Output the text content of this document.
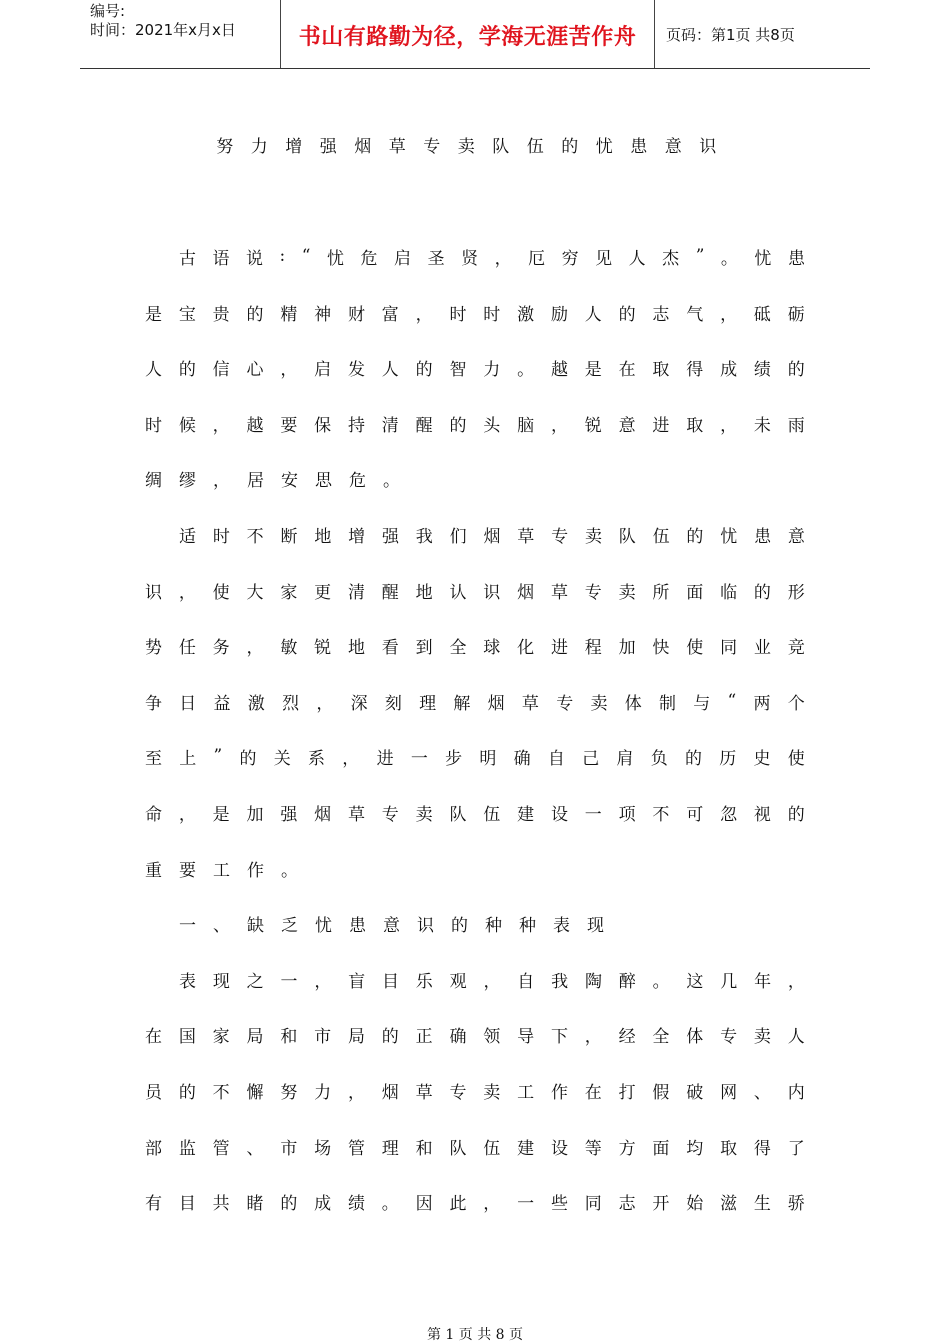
编号:
时间：2021年x月x日	书山有路勤为径，学海无涯苦作舟	页码：第1页 共8页
努力增强烟草专卖队伍的忧患意识
古 语 说 : “ 忧 危 启 圣 贤 ， 厄 穷 见 人 杰 ” 。 忧 患
是 宝 贵 的 精 神 财 富 ， 时 时 激 励 人 的 志 气 ， 砥 砺
人 的 信 心 ， 启 发 人 的 智 力 。 越 是 在 取 得 成 绩 的
时 候 ， 越 要 保 持 清 醒 的 头 脑 ， 锐 意 进 取 ， 未 雨
绸	缪	，	居	安	思	危	。
适 时 不 断 地 增 强 我 们 烟 草 专 卖 队 伍 的 忧 患 意
识 ， 使 大 家 更 清 醒 地 认 识 烟 草 专 卖 所 面 临 的 形
势 任 务 ， 敏 锐 地 看 到 全 球 化 进 程 加 快 使 同 业 竞
争 日 益 激 烈 ， 深 刻 理 解 烟 草 专 卖 体 制 与 “ 两 个
至 上 ” 的 关 系 ， 进 一 步 明 确 自 己 肩 负 的 历 史 使
命 ， 是 加 强 烟 草 专 卖 队 伍 建 设 一 项 不 可 忽 视 的
重	要	工	作	。
一	、	缺	乏	忧	患	意	识	的	种	种	表	现
表 现 之 一 ， 盲 目 乐 观 ， 自 我 陶 醉 。 这 几 年 ，
在 国 家 局 和 市 局 的 正 确 领 导 下 ， 经 全 体 专 卖 人
员 的 不 懈 努 力 ， 烟 草 专 卖 工 作 在 打 假 破 网 、 内
部 监 管 、 市 场 管 理 和 队 伍 建 设 等 方 面 均 取 得 了
有 目 共 睹 的 成 绩 。 因 此 ， 一 些 同 志 开 始 滋 生 骄
第 1 页 共 8 页
